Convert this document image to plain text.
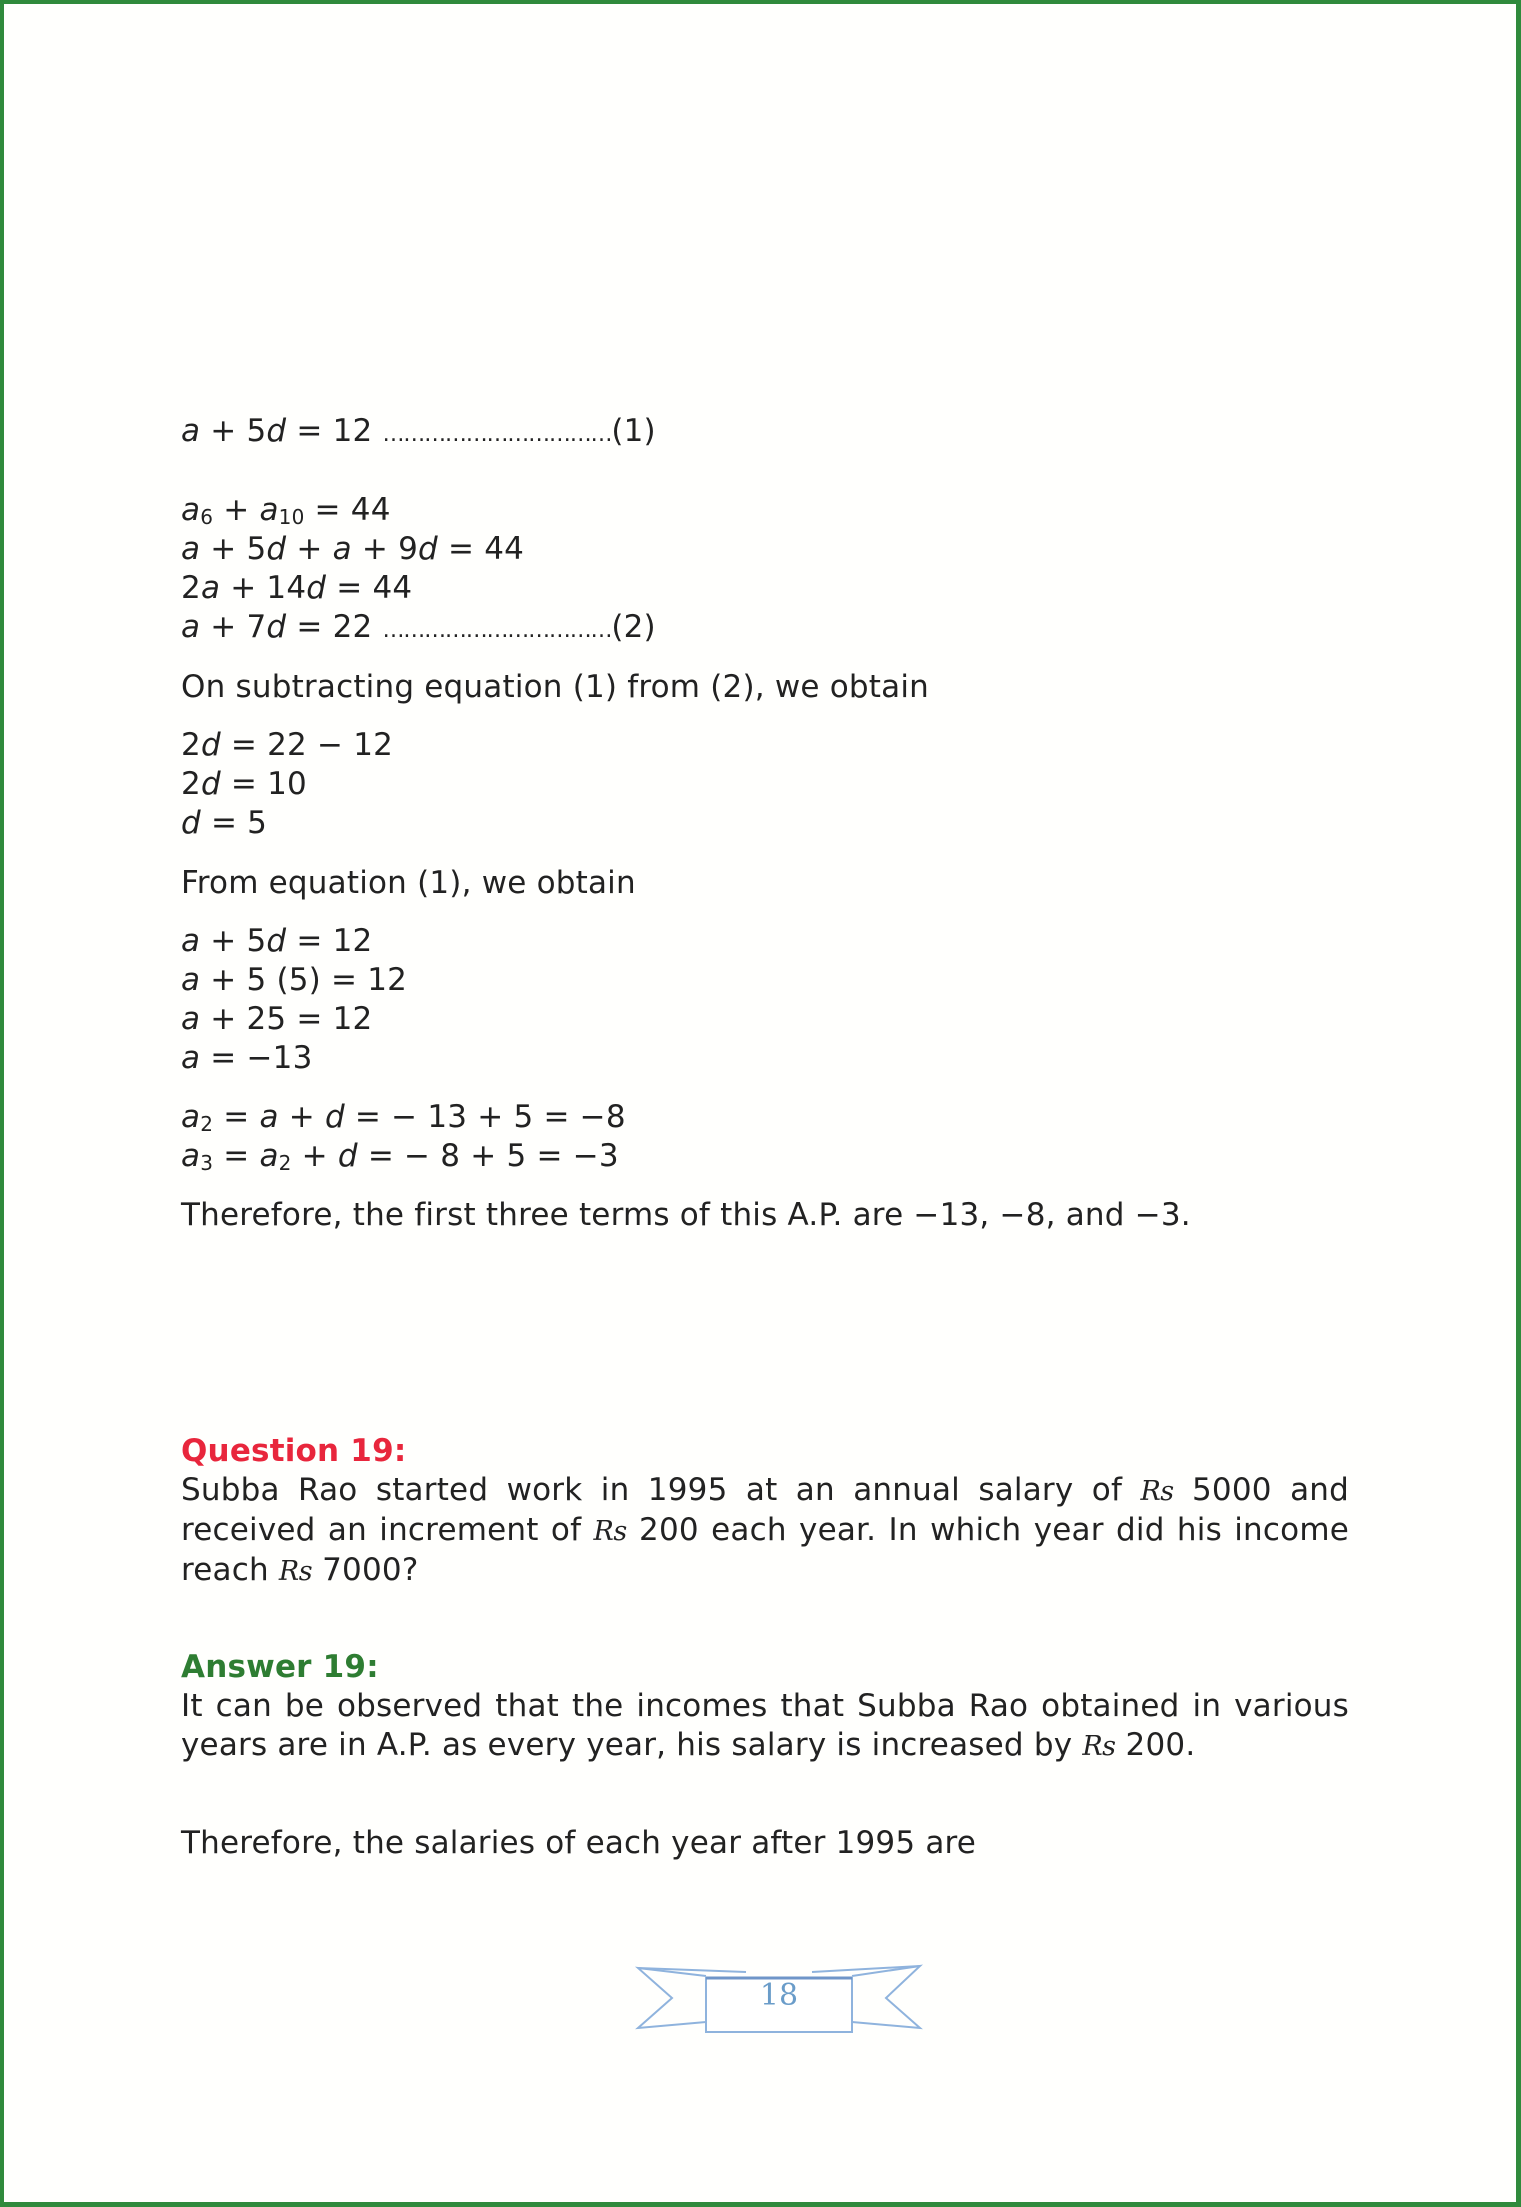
a + 5d = 12 ……………………………(1)
$a_6 + a_{10} = 44$
a + 5d + a + 9d = 44
2a + 14d = 44
a + 7d = 22 ……………………………(2)
On subtracting equation (1) from (2), we obtain
2d = 22 − 12
2d = 10
d = 5
From equation (1), we obtain
a + 5d = 12
a + 5 (5) = 12
a + 25 = 12
a = −13
$a_2 = a + d$ = − 13 + 5 = −8
$a_3 = a_2 + d$ = − 8 + 5 = −3
Therefore, the first three terms of this A.P. are −13, −8, and −3.
Question 19:
Subba Rao started work in 1995 at an annual salary of Rs 5000 and received an increment of Rs 200 each year. In which year did his income reach Rs 7000?
Answer 19:
It can be observed that the incomes that Subba Rao obtained in various years are in A.P. as every year, his salary is increased by Rs 200.
Therefore, the salaries of each year after 1995 are
18
